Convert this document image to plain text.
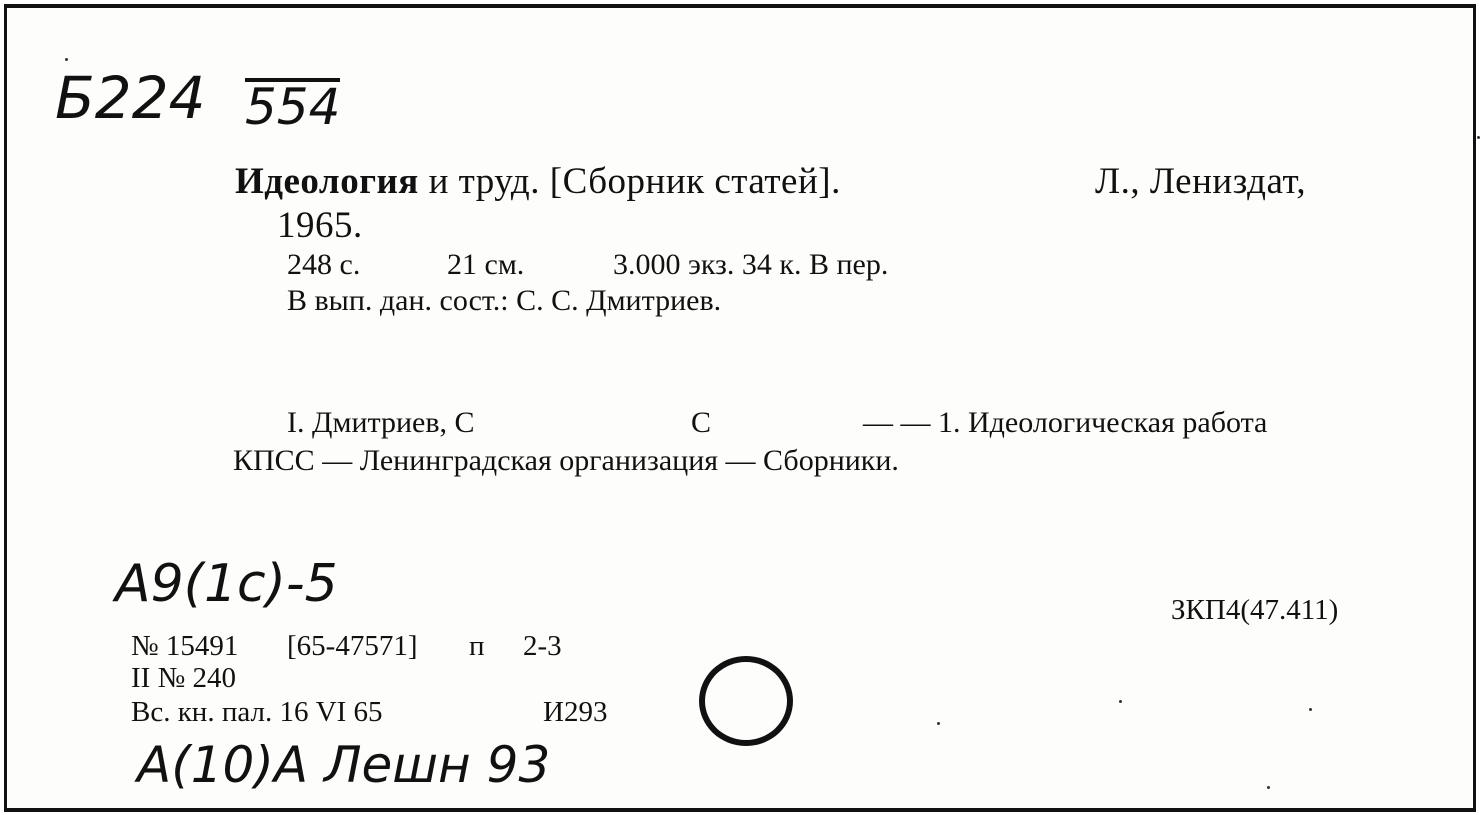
Б224 554
Идеология и труд. [Сборник статей].	Л., Лениздат,
1965.
248 с.	21 см.	3.000 экз. 34 к. В пер.
В вып. дан. сост.: С. С. Дмитриев.
I. Дмитриев, С	С	— — 1. Идеологическая работа
КПСС — Ленинградская организация — Сборники.
А9(1с)-5	ЗКП4(47.411)
№ 15491 [65-47571] п 2-3
II № 240
Вс. кн. пал. 16 VI 65	И293
А(10)А Лешн 93
